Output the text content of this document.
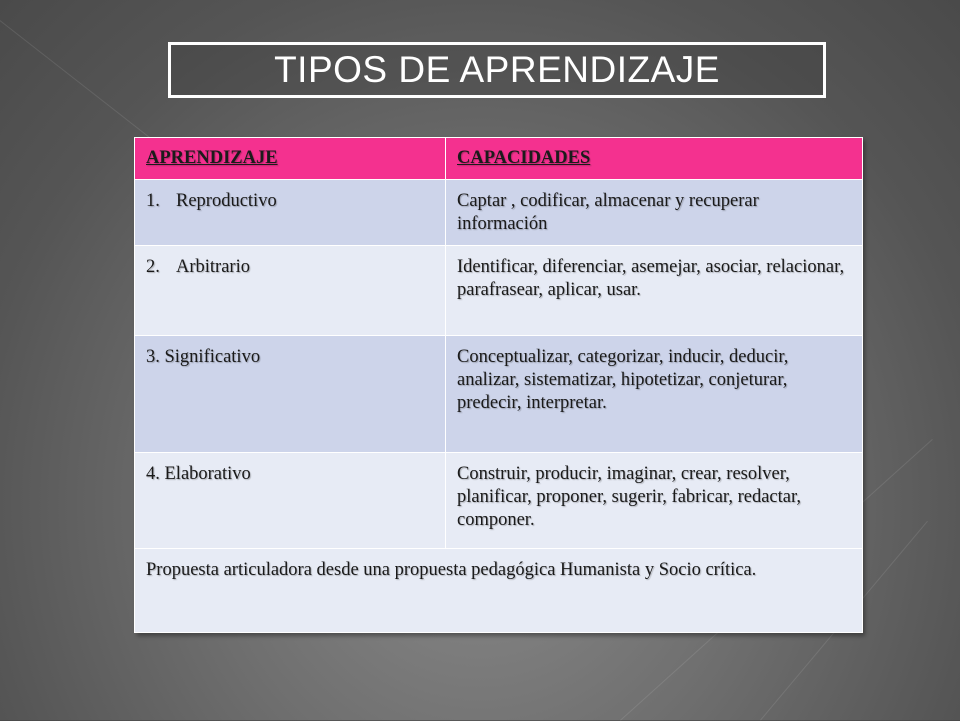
TIPOS DE APRENDIZAJE
APRENDIZAJE	CAPACIDADES
1. Reproductivo	Captar , codificar, almacenar y recuperar información
2. Arbitrario	Identificar, diferenciar, asemejar, asociar, relacionar, parafrasear, aplicar, usar.
3. Significativo	Conceptualizar, categorizar, inducir, deducir, analizar, sistematizar, hipotetizar, conjeturar, predecir, interpretar.
4. Elaborativo	Construir, producir, imaginar, crear, resolver, planificar, proponer, sugerir, fabricar, redactar, componer.

Propuesta articuladora desde una propuesta pedagógica Humanista y Socio crítica.	
